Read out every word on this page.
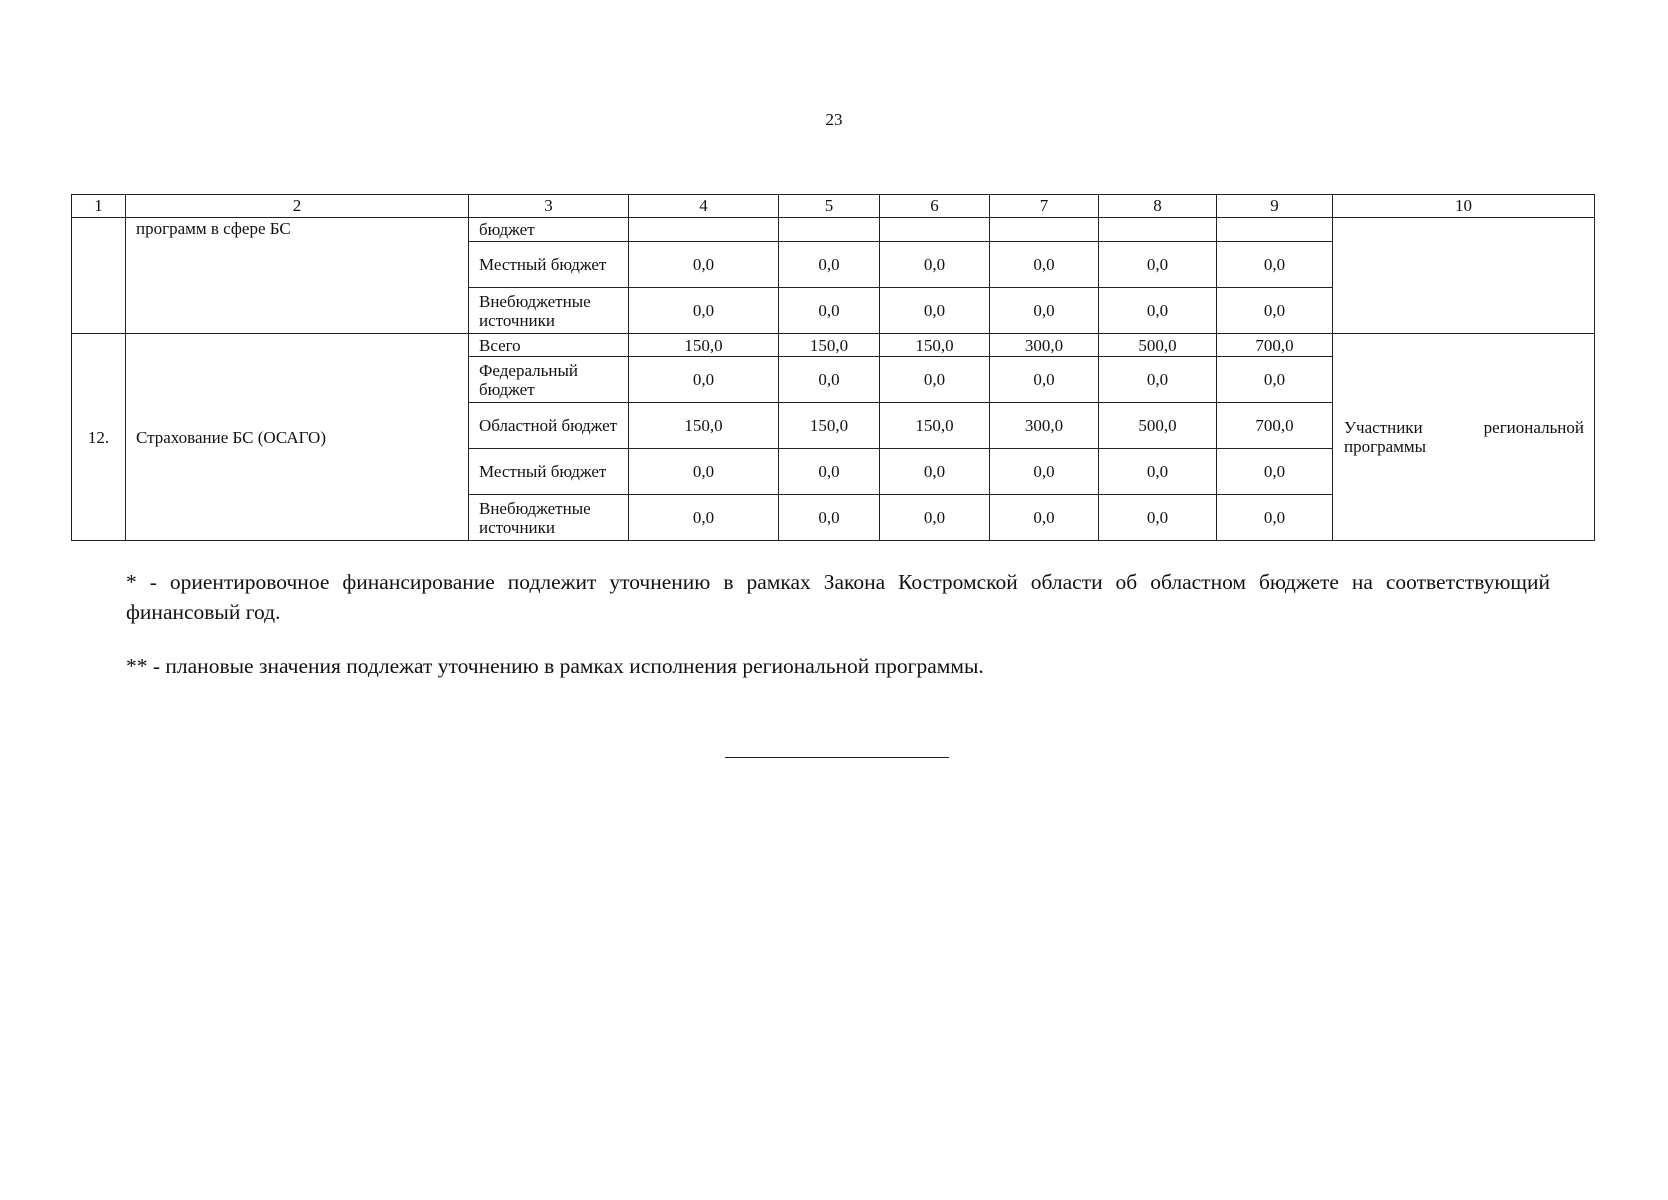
23
1	2	3	4	5	6	7	8	9	10
	программ в сфере БС	бюджет							
		Местный бюджет	0,0	0,0	0,0	0,0	0,0	0,0	
		Внебюджетные источники	0,0	0,0	0,0	0,0	0,0	0,0	
12.	Страхование БС (ОСАГО)	Всего	150,0	150,0	150,0	300,0	500,0	700,0	Участники региональной программы

		Федеральный бюджет	0,0	0,0	0,0	0,0	0,0	0,0	
		Областной бюджет	150,0	150,0	150,0	300,0	500,0	700,0	
		Местный бюджет	0,0	0,0	0,0	0,0	0,0	0,0	
		Внебюджетные источники	0,0	0,0	0,0	0,0	0,0	0,0	

* - ориентировочное финансирование подлежит уточнению в рамках Закона Костромской области об областном бюджете на соответствующий финансовый год.

** - плановые значения подлежат уточнению в рамках исполнения региональной программы.
